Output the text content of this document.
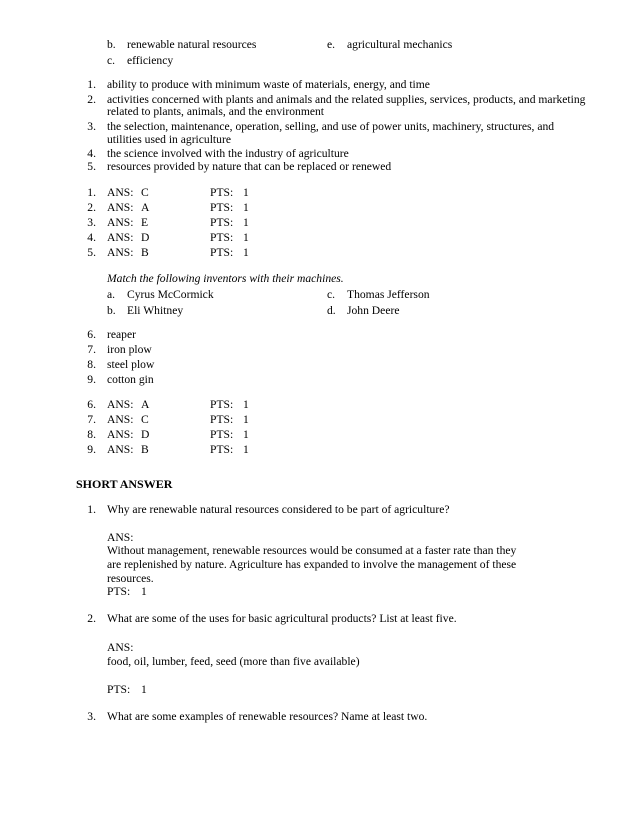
b. renewable natural resources	e. agricultural mechanics
c. efficiency
1. ability to produce with minimum waste of materials, energy, and time
2. activities concerned with plants and animals and the related supplies, services, products, and marketing
related to plants, animals, and the environment
3. the selection, maintenance, operation, selling, and use of power units, machinery, structures, and
utilities used in agriculture
4. the science involved with the industry of agriculture
5. resources provided by nature that can be replaced or renewed
1. ANS: C	PTS: 1
2. ANS: A	PTS: 1
3. ANS: E	PTS: 1
4. ANS: D	PTS: 1
5. ANS: B	PTS: 1
Match the following inventors with their machines.
a. Cyrus McCormick	c. Thomas Jefferson
b. Eli Whitney	d. John Deere
6. reaper
7. iron plow
8. steel plow
9. cotton gin
6. ANS: A	PTS: 1
7. ANS: C	PTS: 1
8. ANS: D	PTS: 1
9. ANS: B	PTS: 1
SHORT ANSWER
1. Why are renewable natural resources considered to be part of agriculture?
ANS:
Without management, renewable resources would be consumed at a faster rate than they are replenished by nature. Agriculture has expanded to involve the management of these resources.
PTS: 1
2. What are some of the uses for basic agricultural products? List at least five.
ANS:
food, oil, lumber, feed, seed (more than five available)
PTS: 1
3. What are some examples of renewable resources? Name at least two.
